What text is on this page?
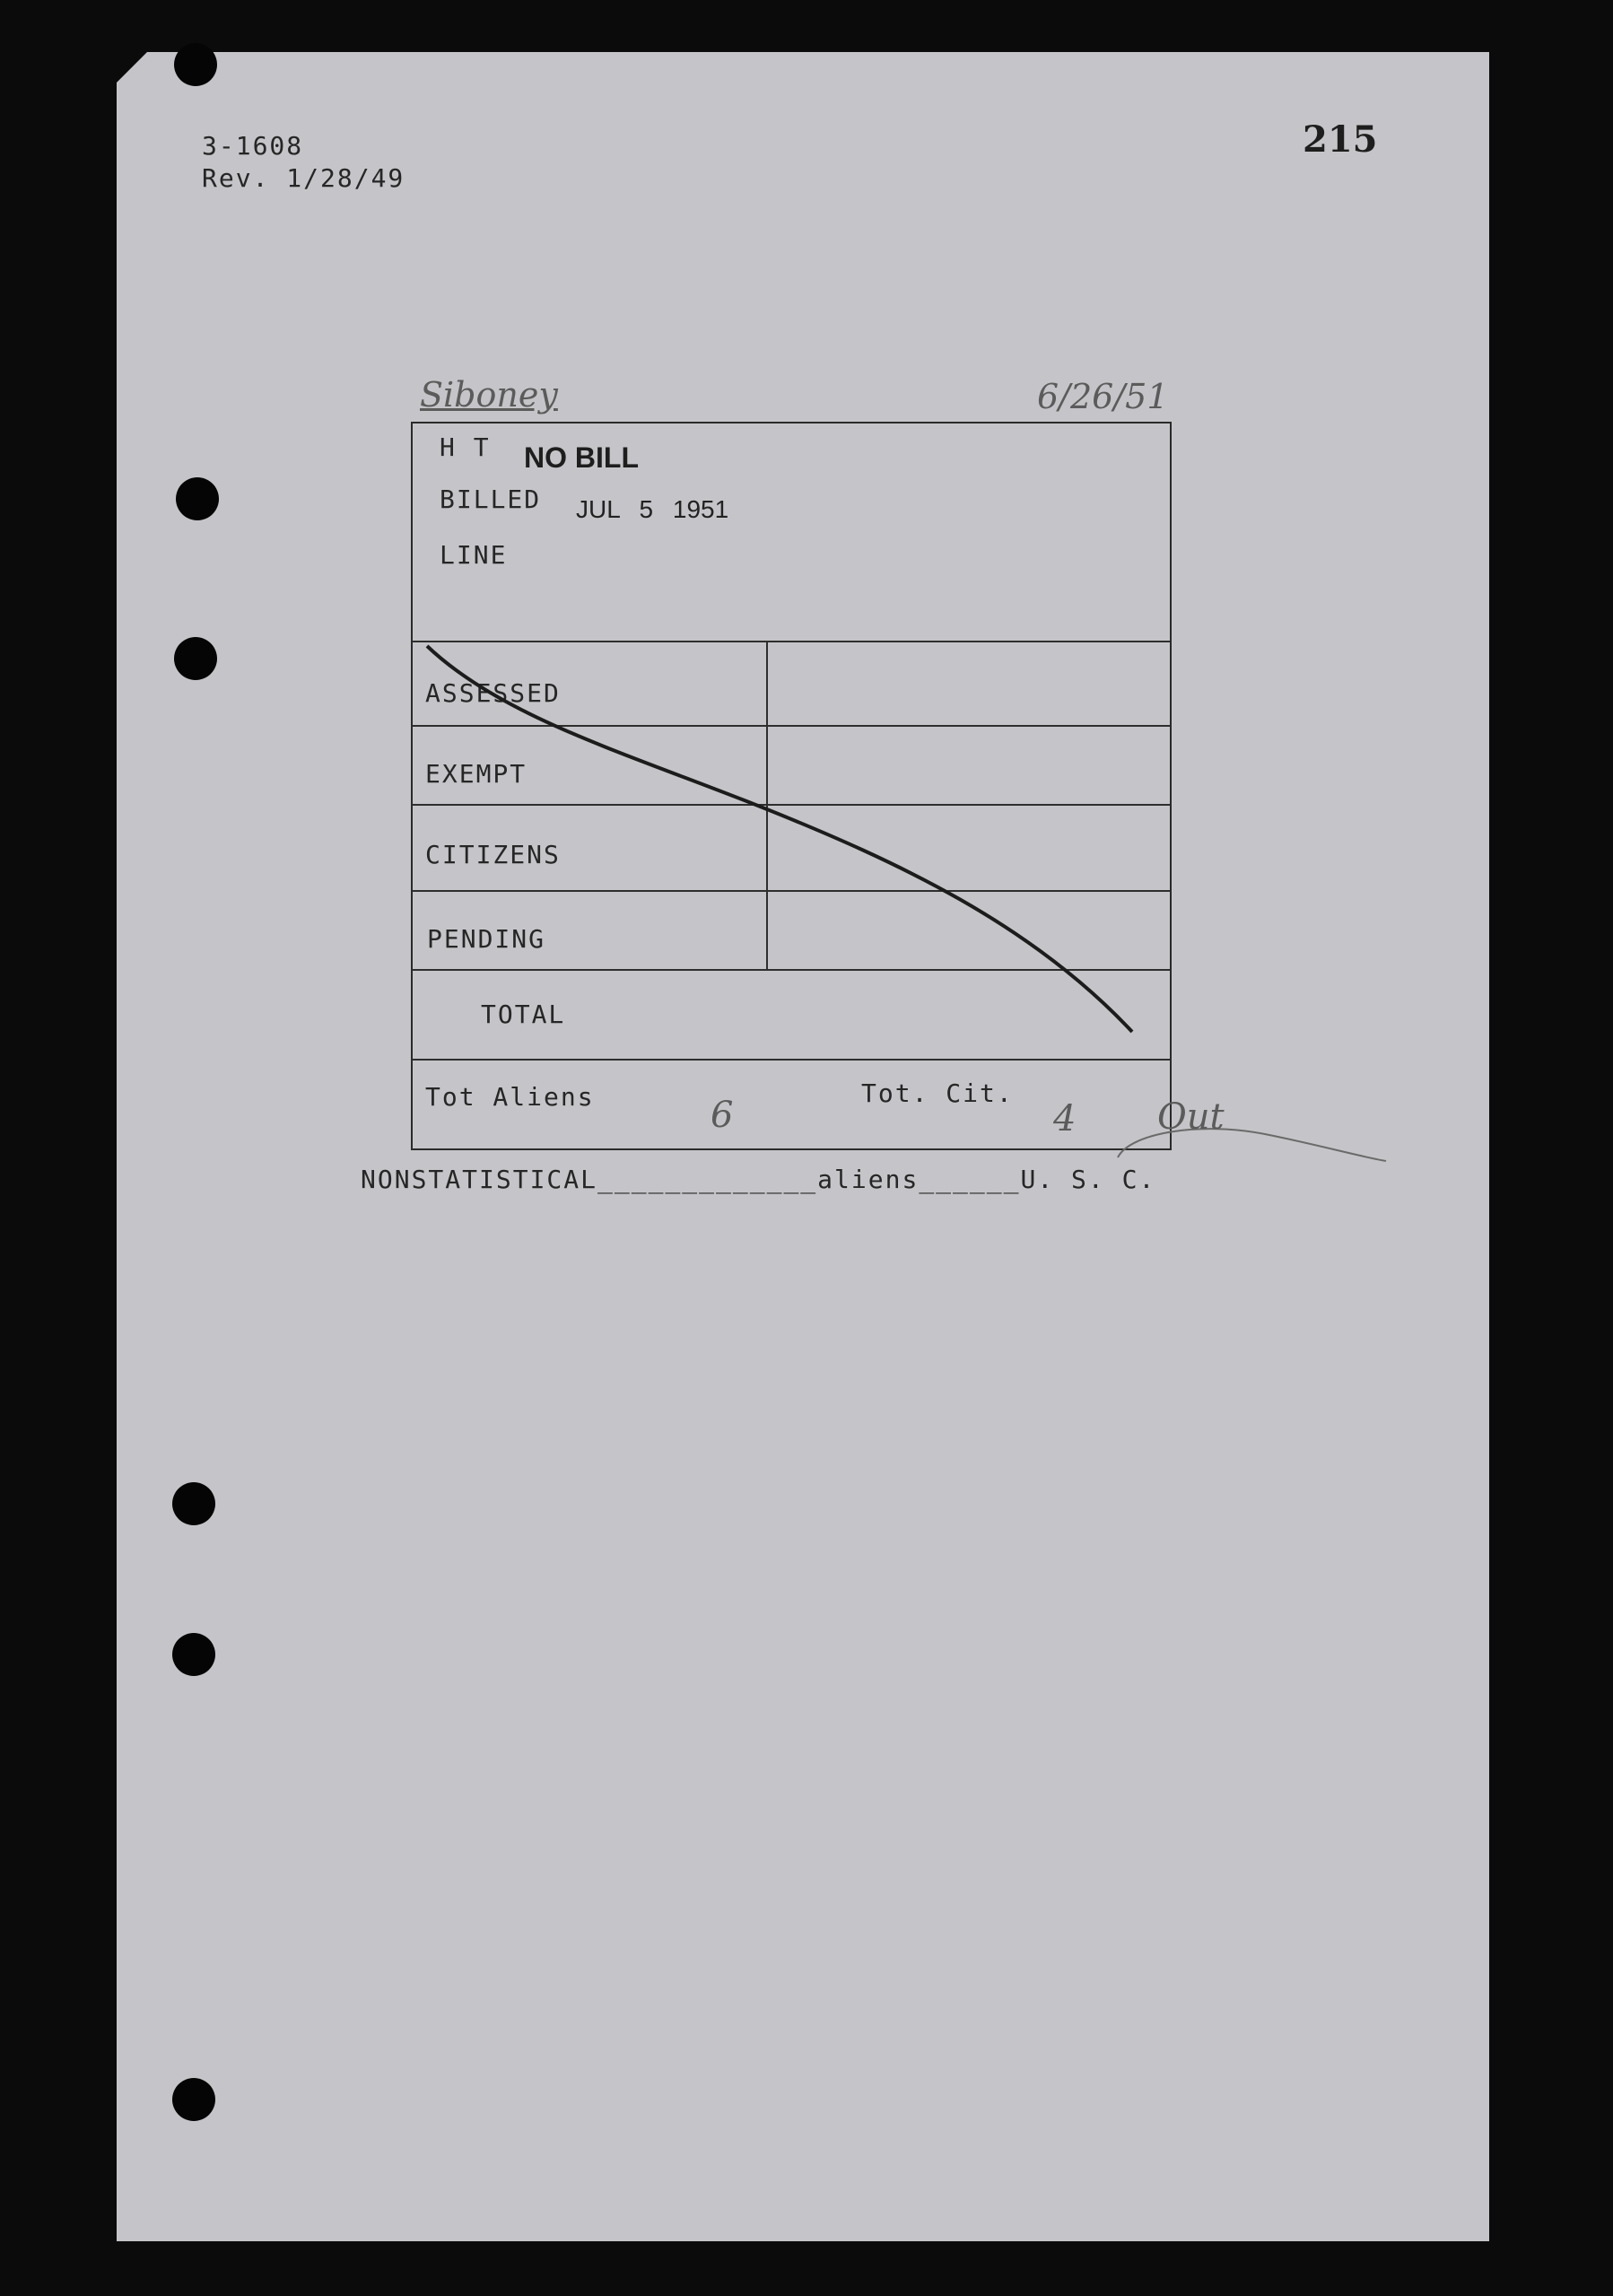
3-1608
Rev. 1/28/49
215
Siboney	6/26/51
H T NO BILL
BILLED JUL 5 1951
LINE
ASSESSED
EXEMPT
CITIZENS
PENDING
TOTAL
Tot Aliens	6
Tot. Cit.
4 Out
NONSTATISTICAL_____________aliens______U. S. C.
